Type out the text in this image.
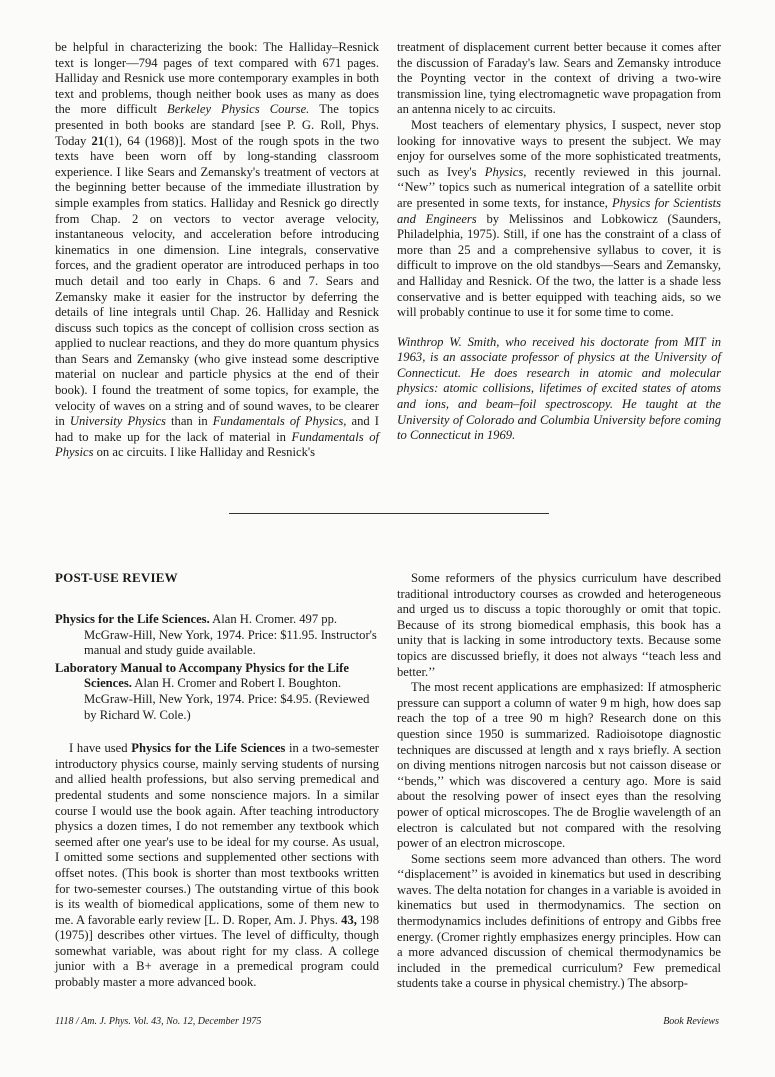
be helpful in characterizing the book: The Halliday–Resnick text is longer—794 pages of text compared with 671 pages. Halliday and Resnick use more contemporary examples in both text and problems, though neither book uses as many as does the more difficult Berkeley Physics Course. The topics presented in both books are standard [see P. G. Roll, Phys. Today 21(1), 64 (1968)]. Most of the rough spots in the two texts have been worn off by long-standing classroom experience. I like Sears and Zemansky's treatment of vectors at the beginning better because of the immediate illustration by simple examples from statics. Halliday and Resnick go directly from Chap. 2 on vectors to vector average velocity, instantaneous velocity, and acceleration before introducing kinematics in one dimension. Line integrals, conservative forces, and the gradient operator are introduced perhaps in too much detail and too early in Chaps. 6 and 7. Sears and Zemansky make it easier for the instructor by deferring the details of line integrals until Chap. 26. Halliday and Resnick discuss such topics as the concept of collision cross section as applied to nuclear reactions, and they do more quantum physics than Sears and Zemansky (who give instead some descriptive material on nuclear and particle physics at the end of their book). I found the treatment of some topics, for example, the velocity of waves on a string and of sound waves, to be clearer in University Physics than in Fundamentals of Physics, and I had to make up for the lack of material in Fundamentals of Physics on ac circuits. I like Halliday and Resnick's

treatment of displacement current better because it comes after the discussion of Faraday's law. Sears and Zemansky introduce the Poynting vector in the context of driving a two-wire transmission line, tying electromagnetic wave propagation from an antenna nicely to ac circuits.

Most teachers of elementary physics, I suspect, never stop looking for innovative ways to present the subject. We may enjoy for ourselves some of the more sophisticated treatments, such as Ivey's Physics, recently reviewed in this journal. ‘‘New’’ topics such as numerical integration of a satellite orbit are presented in some texts, for instance, Physics for Scientists and Engineers by Melissinos and Lobkowicz (Saunders, Philadelphia, 1975). Still, if one has the constraint of a class of more than 25 and a comprehensive syllabus to cover, it is difficult to improve on the old standbys—Sears and Zemansky, and Halliday and Resnick. Of the two, the latter is a shade less conservative and is better equipped with teaching aids, so we will probably continue to use it for some time to come.

Winthrop W. Smith, who received his doctorate from MIT in 1963, is an associate professor of physics at the University of Connecticut. He does research in atomic and molecular physics: atomic collisions, lifetimes of excited states of atoms and ions, and beam–foil spectroscopy. He taught at the University of Colorado and Columbia University before coming to Connecticut in 1969.

POST-USE REVIEW

Physics for the Life Sciences. Alan H. Cromer. 497 pp. McGraw-Hill, New York, 1974. Price: $11.95. Instructor's manual and study guide available.

Laboratory Manual to Accompany Physics for the Life Sciences. Alan H. Cromer and Robert I. Boughton. McGraw-Hill, New York, 1974. Price: $4.95. (Reviewed by Richard W. Cole.)

I have used Physics for the Life Sciences in a two-semester introductory physics course, mainly serving students of nursing and allied health professions, but also serving premedical and predental students and some nonscience majors. In a similar course I would use the book again. After teaching introductory physics a dozen times, I do not remember any textbook which seemed after one year's use to be ideal for my course. As usual, I omitted some sections and supplemented other sections with offset notes. (This book is shorter than most textbooks written for two-semester courses.) The outstanding virtue of this book is its wealth of biomedical applications, some of them new to me. A favorable early review [L. D. Roper, Am. J. Phys. 43, 198 (1975)] describes other virtues. The level of difficulty, though somewhat variable, was about right for my class. A college junior with a B+ average in a premedical program could probably master a more advanced book.

Some reformers of the physics curriculum have described traditional introductory courses as crowded and heterogeneous and urged us to discuss a topic thoroughly or omit that topic. Because of its strong biomedical emphasis, this book has a unity that is lacking in some introductory texts. Because some topics are discussed briefly, it does not always ‘‘teach less and better.’’

The most recent applications are emphasized: If atmospheric pressure can support a column of water 9 m high, how does sap reach the top of a tree 90 m high? Research done on this question since 1950 is summarized. Radioisotope diagnostic techniques are discussed at length and x rays briefly. A section on diving mentions nitrogen narcosis but not caisson disease or ‘‘bends,’’ which was discovered a century ago. More is said about the resolving power of insect eyes than the resolving power of optical microscopes. The de Broglie wavelength of an electron is calculated but not compared with the resolving power of an electron microscope.

Some sections seem more advanced than others. The word ‘‘displacement’’ is avoided in kinematics but used in describing waves. The delta notation for changes in a variable is avoided in kinematics but used in thermodynamics. The section on thermodynamics includes definitions of entropy and Gibbs free energy. (Cromer rightly emphasizes energy principles. How can a more advanced discussion of chemical thermodynamics be included in the premedical curriculum? Few premedical students take a course in physical chemistry.) The absorp-

1118 / Am. J. Phys. Vol. 43, No. 12, December 1975	Book Reviews
